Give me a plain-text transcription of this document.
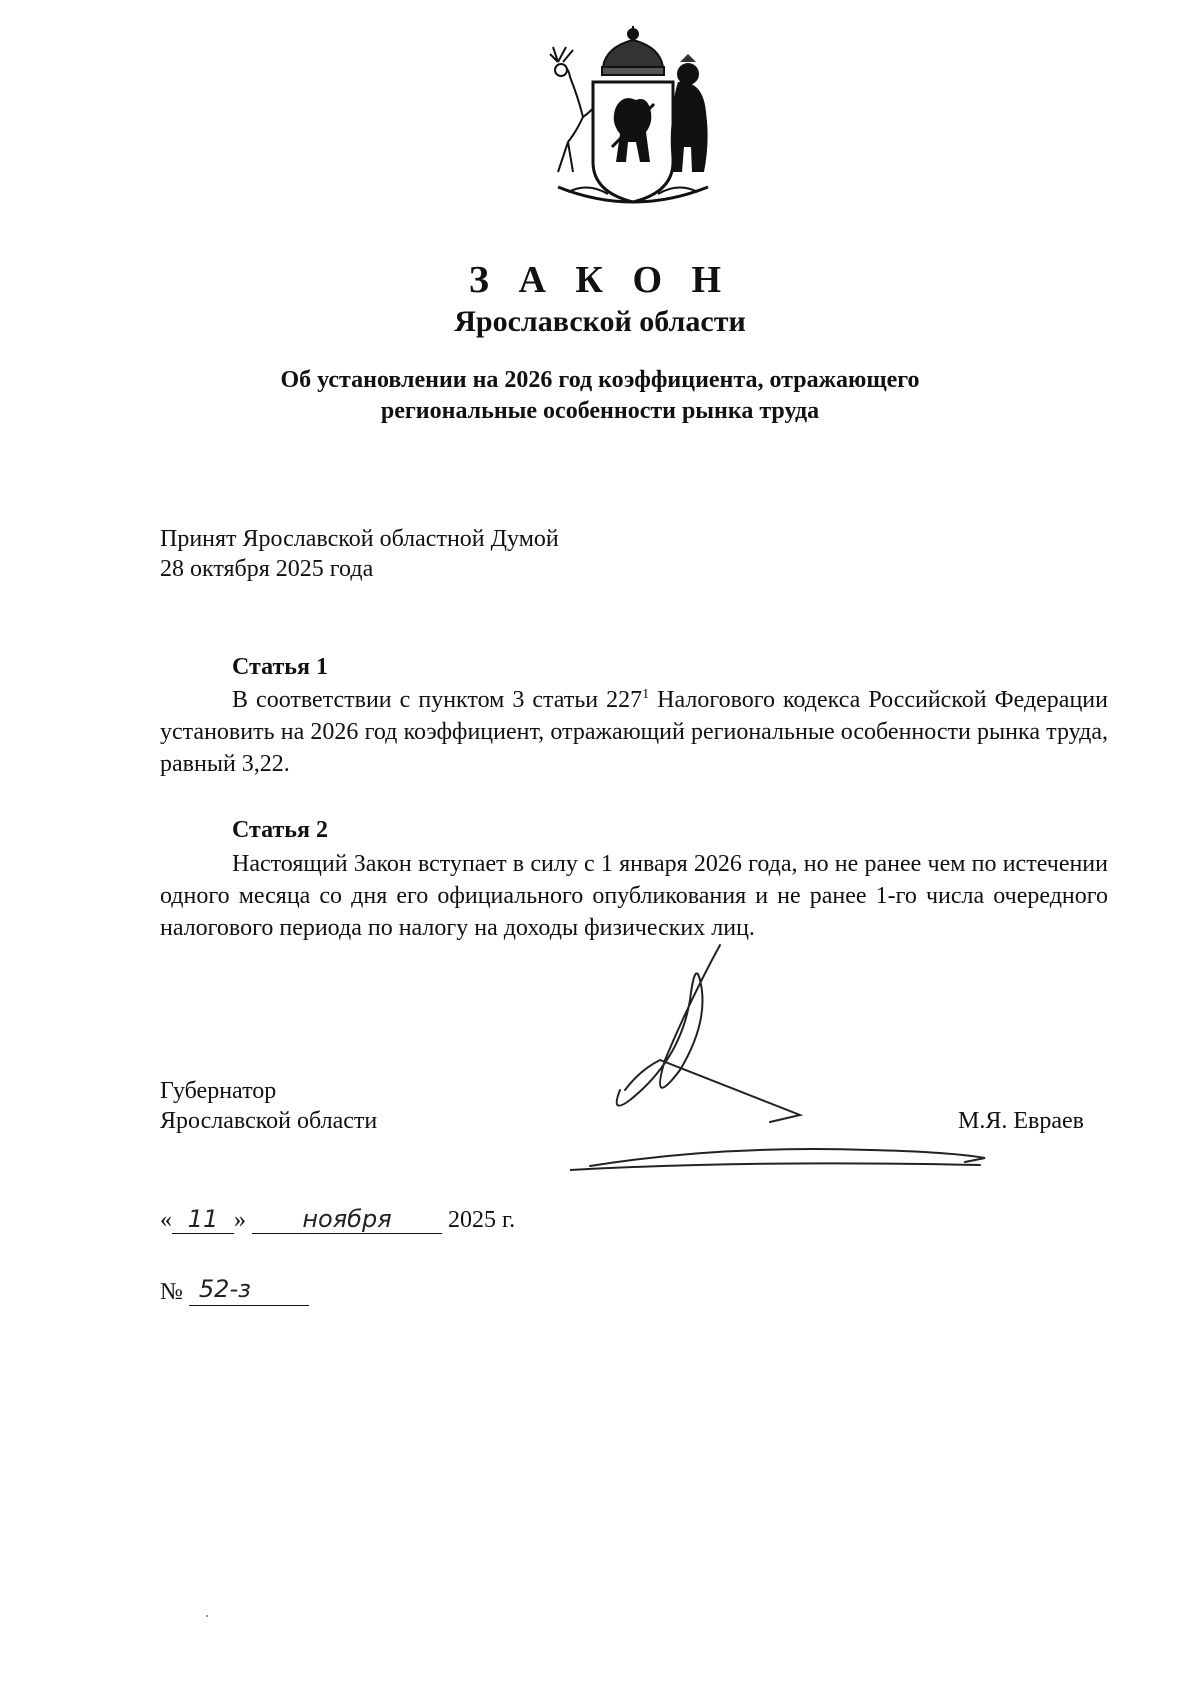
З А К О Н
Ярославской области
Об установлении на 2026 год коэффициента, отражающего
региональные особенности рынка труда
Принят Ярославской областной Думой
28 октября 2025 года
Статья 1
В соответствии с пунктом 3 статьи $227^1$ Налогового кодекса Российской Федерации установить на 2026 год коэффициент, отражающий региональные особенности рынка труда, равный 3,22.
Статья 2
Настоящий Закон вступает в силу с 1 января 2026 года, но не ранее чем по истечении одного месяца со дня его официального опубликования и не ранее 1-го числа очередного налогового периода по налогу на доходы физических лиц.
Губернатор
Ярославской области	М.Я. Евраев
« 11 » ноября 2025 г.
№ 52-з
